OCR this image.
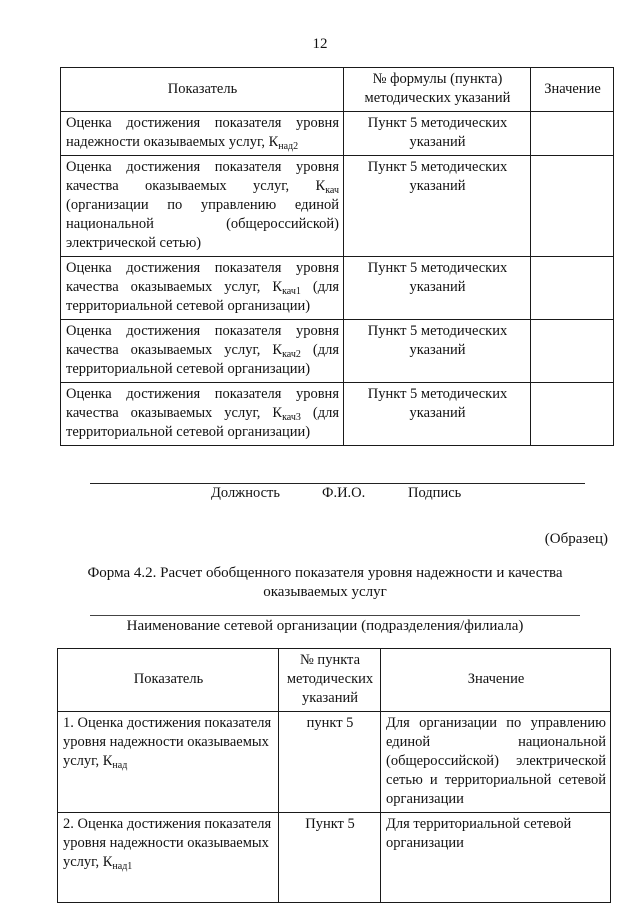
12
Показатель	№ формулы (пункта) методических указаний	Значение
Оценка достижения показателя уровня надежности оказываемых услуг, $К_{над2}$	Пункт 5 методических указаний	
Оценка достижения показателя уровня качества оказываемых услуг, $К_{кач}$ (организации по управлению единой национальной (общероссийской) электрической сетью)	Пункт 5 методических указаний	
Оценка достижения показателя уровня качества оказываемых услуг, $К_{кач1}$ (для территориальной сетевой организации)	Пункт 5 методических указаний	
Оценка достижения показателя уровня качества оказываемых услуг, $К_{кач2}$ (для территориальной сетевой организации)	Пункт 5 методических указаний	
Оценка достижения показателя уровня качества оказываемых услуг, $К_{кач3}$ (для территориальной сетевой организации)	Пункт 5 методических указаний	
Должность	Ф.И.О.	Подпись
(Образец)
Форма 4.2. Расчет обобщенного показателя уровня надежности и качества
оказываемых услуг
Наименование сетевой организации (подразделения/филиала)
Показатель	№ пункта методических указаний	Значение
1. Оценка достижения показателя уровня надежности оказываемых услуг, $К_{над}$	пункт 5	Для организации по управлению единой национальной (общероссийской) электрической сетью и территориальной сетевой организации
2. Оценка достижения показателя уровня надежности оказываемых услуг, $К_{над1}$	Пункт 5	Для территориальной сетевой организации
